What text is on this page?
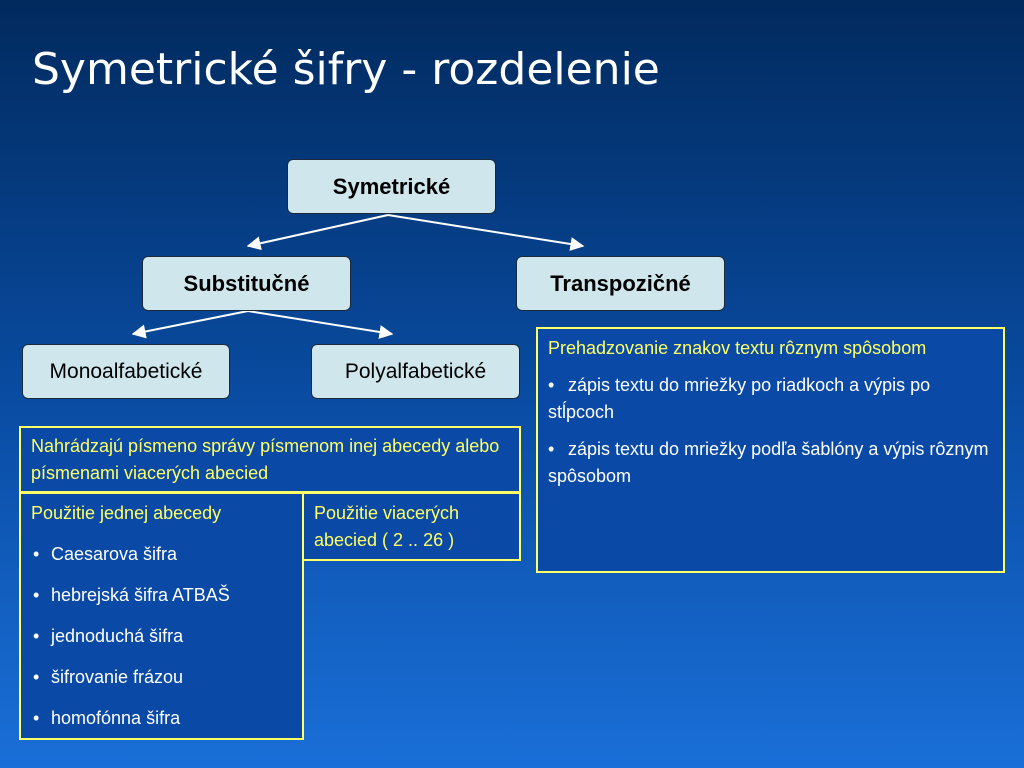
Symetrické šifry - rozdelenie
Symetrické
Substitučné	Transpozičné
Monoalfabetické	Polyalfabetické

Nahrádzajú písmeno správy písmenom inej abecedy alebo písmenami viacerých abecied

Použitie jednej abecedy

• Caesarova šifra
• hebrejská šifra ATBAŠ
• jednoduchá šifra
• šifrovanie frázou
• homofónna šifra

Použitie viacerých abecied ( 2 .. 26 )

Prehadzovanie znakov textu rôznym spôsobom

• zápis textu do mriežky po riadkoch a výpis po stĺpcoch
• zápis textu do mriežky podľa šablóny a výpis rôznym spôsobom
